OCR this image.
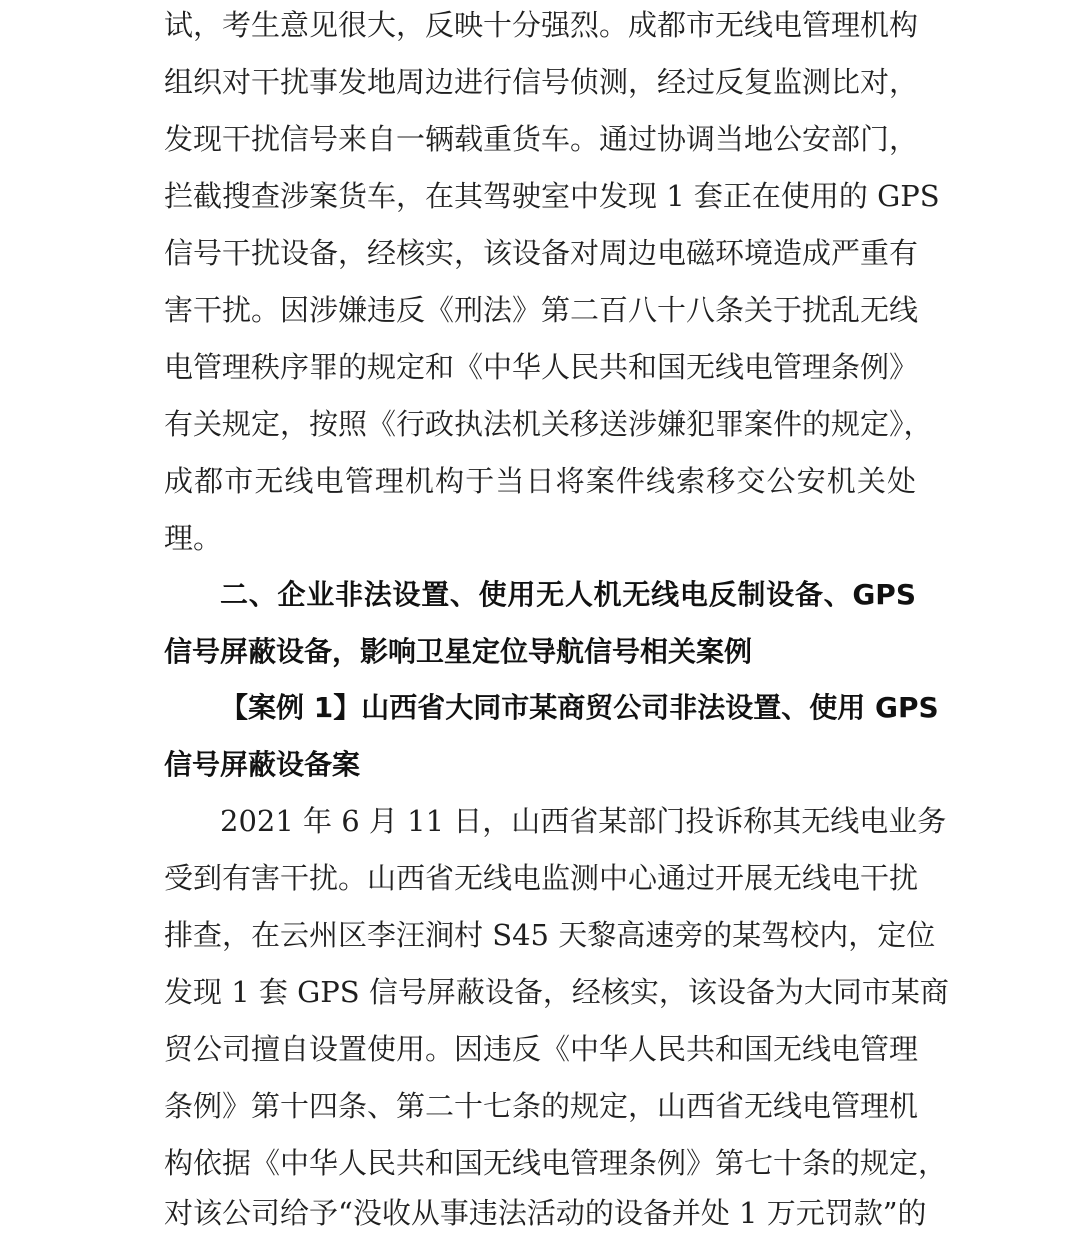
试，考生意见很大，反映十分强烈。成都市无线电管理机构
组织对干扰事发地周边进行信号侦测，经过反复监测比对，
发现干扰信号来自一辆载重货车。通过协调当地公安部门，
拦截搜查涉案货车，在其驾驶室中发现 1 套正在使用的 GPS
信号干扰设备，经核实，该设备对周边电磁环境造成严重有
害干扰。因涉嫌违反《刑法》第二百八十八条关于扰乱无线
电管理秩序罪的规定和《中华人民共和国无线电管理条例》
有关规定，按照《行政执法机关移送涉嫌犯罪案件的规定》，
成都市无线电管理机构于当日将案件线索移交公安机关处
理。
二、企业非法设置、使用无人机无线电反制设备、GPS
信号屏蔽设备，影响卫星定位导航信号相关案例
【案例 1】山西省大同市某商贸公司非法设置、使用 GPS
信号屏蔽设备案
2021 年 6 月 11 日，山西省某部门投诉称其无线电业务
受到有害干扰。山西省无线电监测中心通过开展无线电干扰
排查，在云州区李汪涧村 S45 天黎高速旁的某驾校内，定位
发现 1 套 GPS 信号屏蔽设备，经核实，该设备为大同市某商
贸公司擅自设置使用。因违反《中华人民共和国无线电管理
条例》第十四条、第二十七条的规定，山西省无线电管理机
构依据《中华人民共和国无线电管理条例》第七十条的规定，
对该公司给予“没收从事违法活动的设备并处 1 万元罚款”的
